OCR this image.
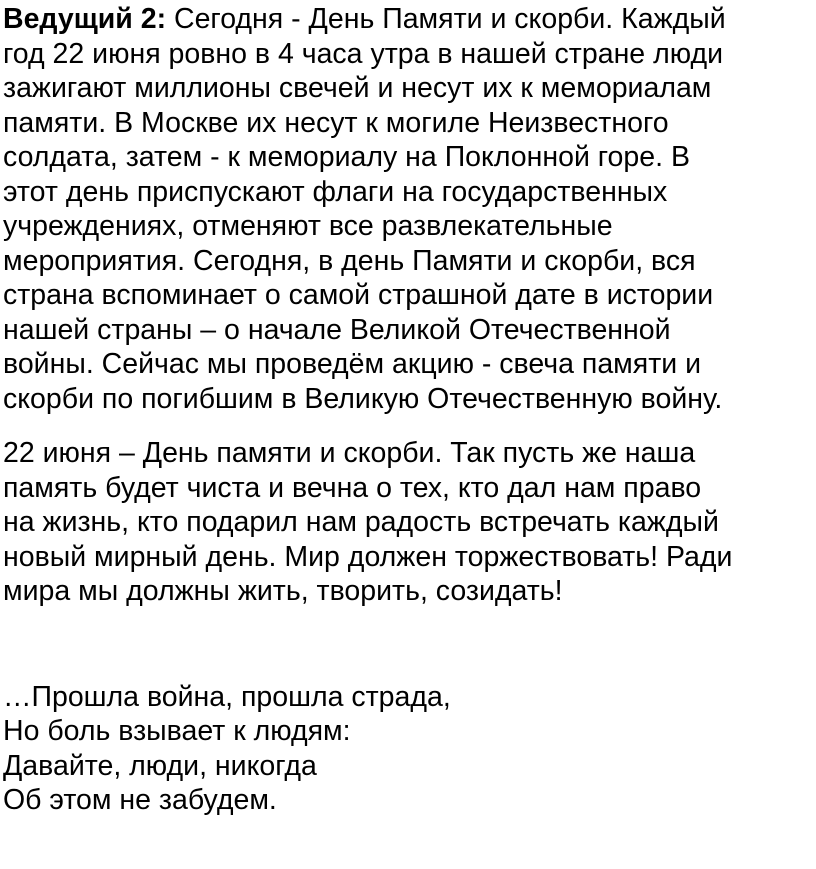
Ведущий 2: Сегодня - День Памяти и скорби. Каждый
год 22 июня ровно в 4 часа утра в нашей стране люди
зажигают миллионы свечей и несут их к мемориалам
памяти. В Москве их несут к могиле Неизвестного
солдата, затем - к мемориалу на Поклонной горе. В
этот день приспускают флаги на государственных
учреждениях, отменяют все развлекательные
мероприятия. Сегодня, в день Памяти и скорби, вся
страна вспоминает о самой страшной дате в истории
нашей страны – о начале Великой Отечественной
войны. Сейчас мы проведём акцию - свеча памяти и
скорби по погибшим в Великую Отечественную войну.

22 июня – День памяти и скорби. Так пусть же наша
память будет чиста и вечна о тех, кто дал нам право
на жизнь, кто подарил нам радость встречать каждый
новый мирный день. Мир должен торжествовать! Ради
мира мы должны жить, творить, созидать!

…Прошла война, прошла страда,
Но боль взывает к людям:
Давайте, люди, никогда
Об этом не забудем.
